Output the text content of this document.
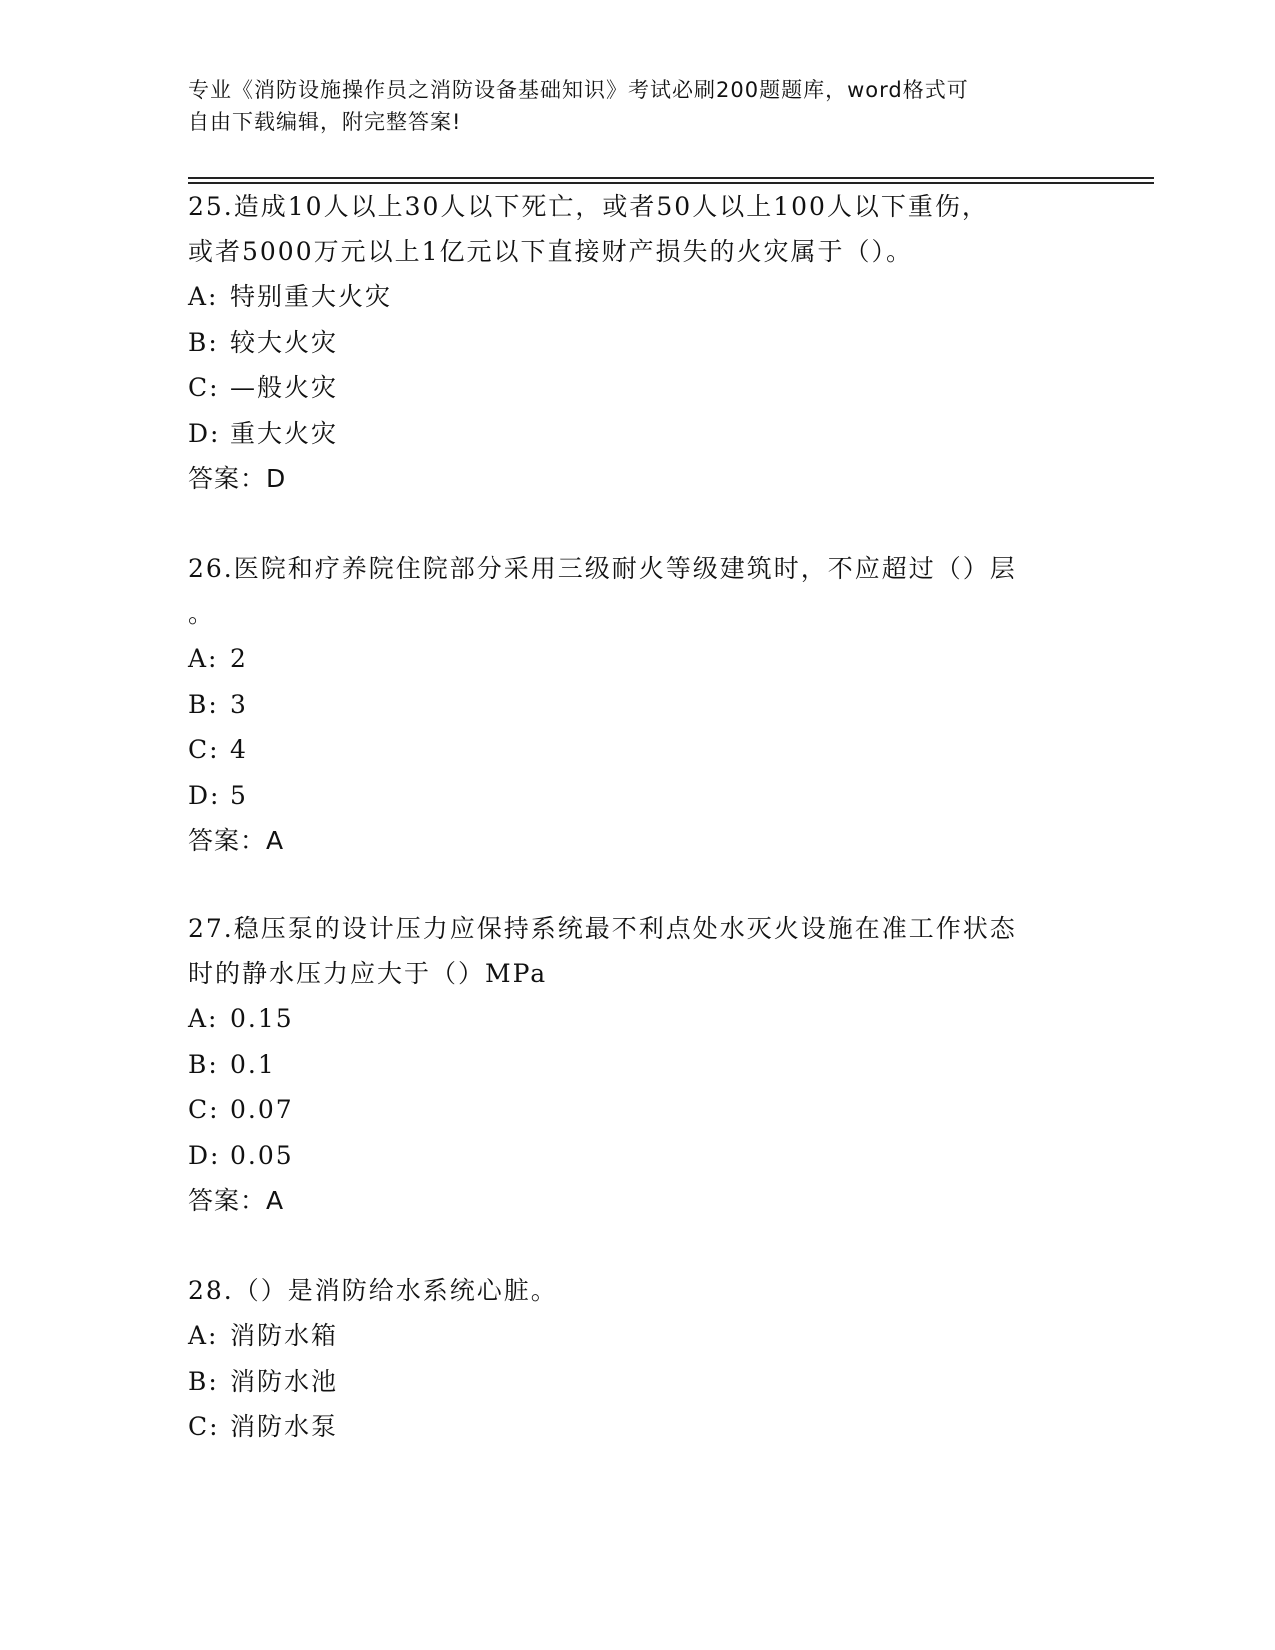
专业《消防设施操作员之消防设备基础知识》考试必刷200题题库，word格式可
自由下载编辑，附完整答案!

25.造成10人以上30人以下死亡，或者50人以上100人以下重伤，

或者5000万元以上1亿元以下直接财产损失的火灾属于（）。

A: 特别重大火灾

B: 较大火灾

C: —般火灾

D: 重大火灾

答案：D

26.医院和疗养院住院部分采用三级耐火等级建筑时，不应超过（）层

。

A: 2

B: 3

C: 4

D: 5

答案：A

27.稳压泵的设计压力应保持系统最不利点处水灭火设施在准工作状态

时的静水压力应大于（）MPa

A: 0.15

B: 0.1

C: 0.07

D: 0.05

答案：A

28.（）是消防给水系统心脏。

A: 消防水箱

B: 消防水池

C: 消防水泵
